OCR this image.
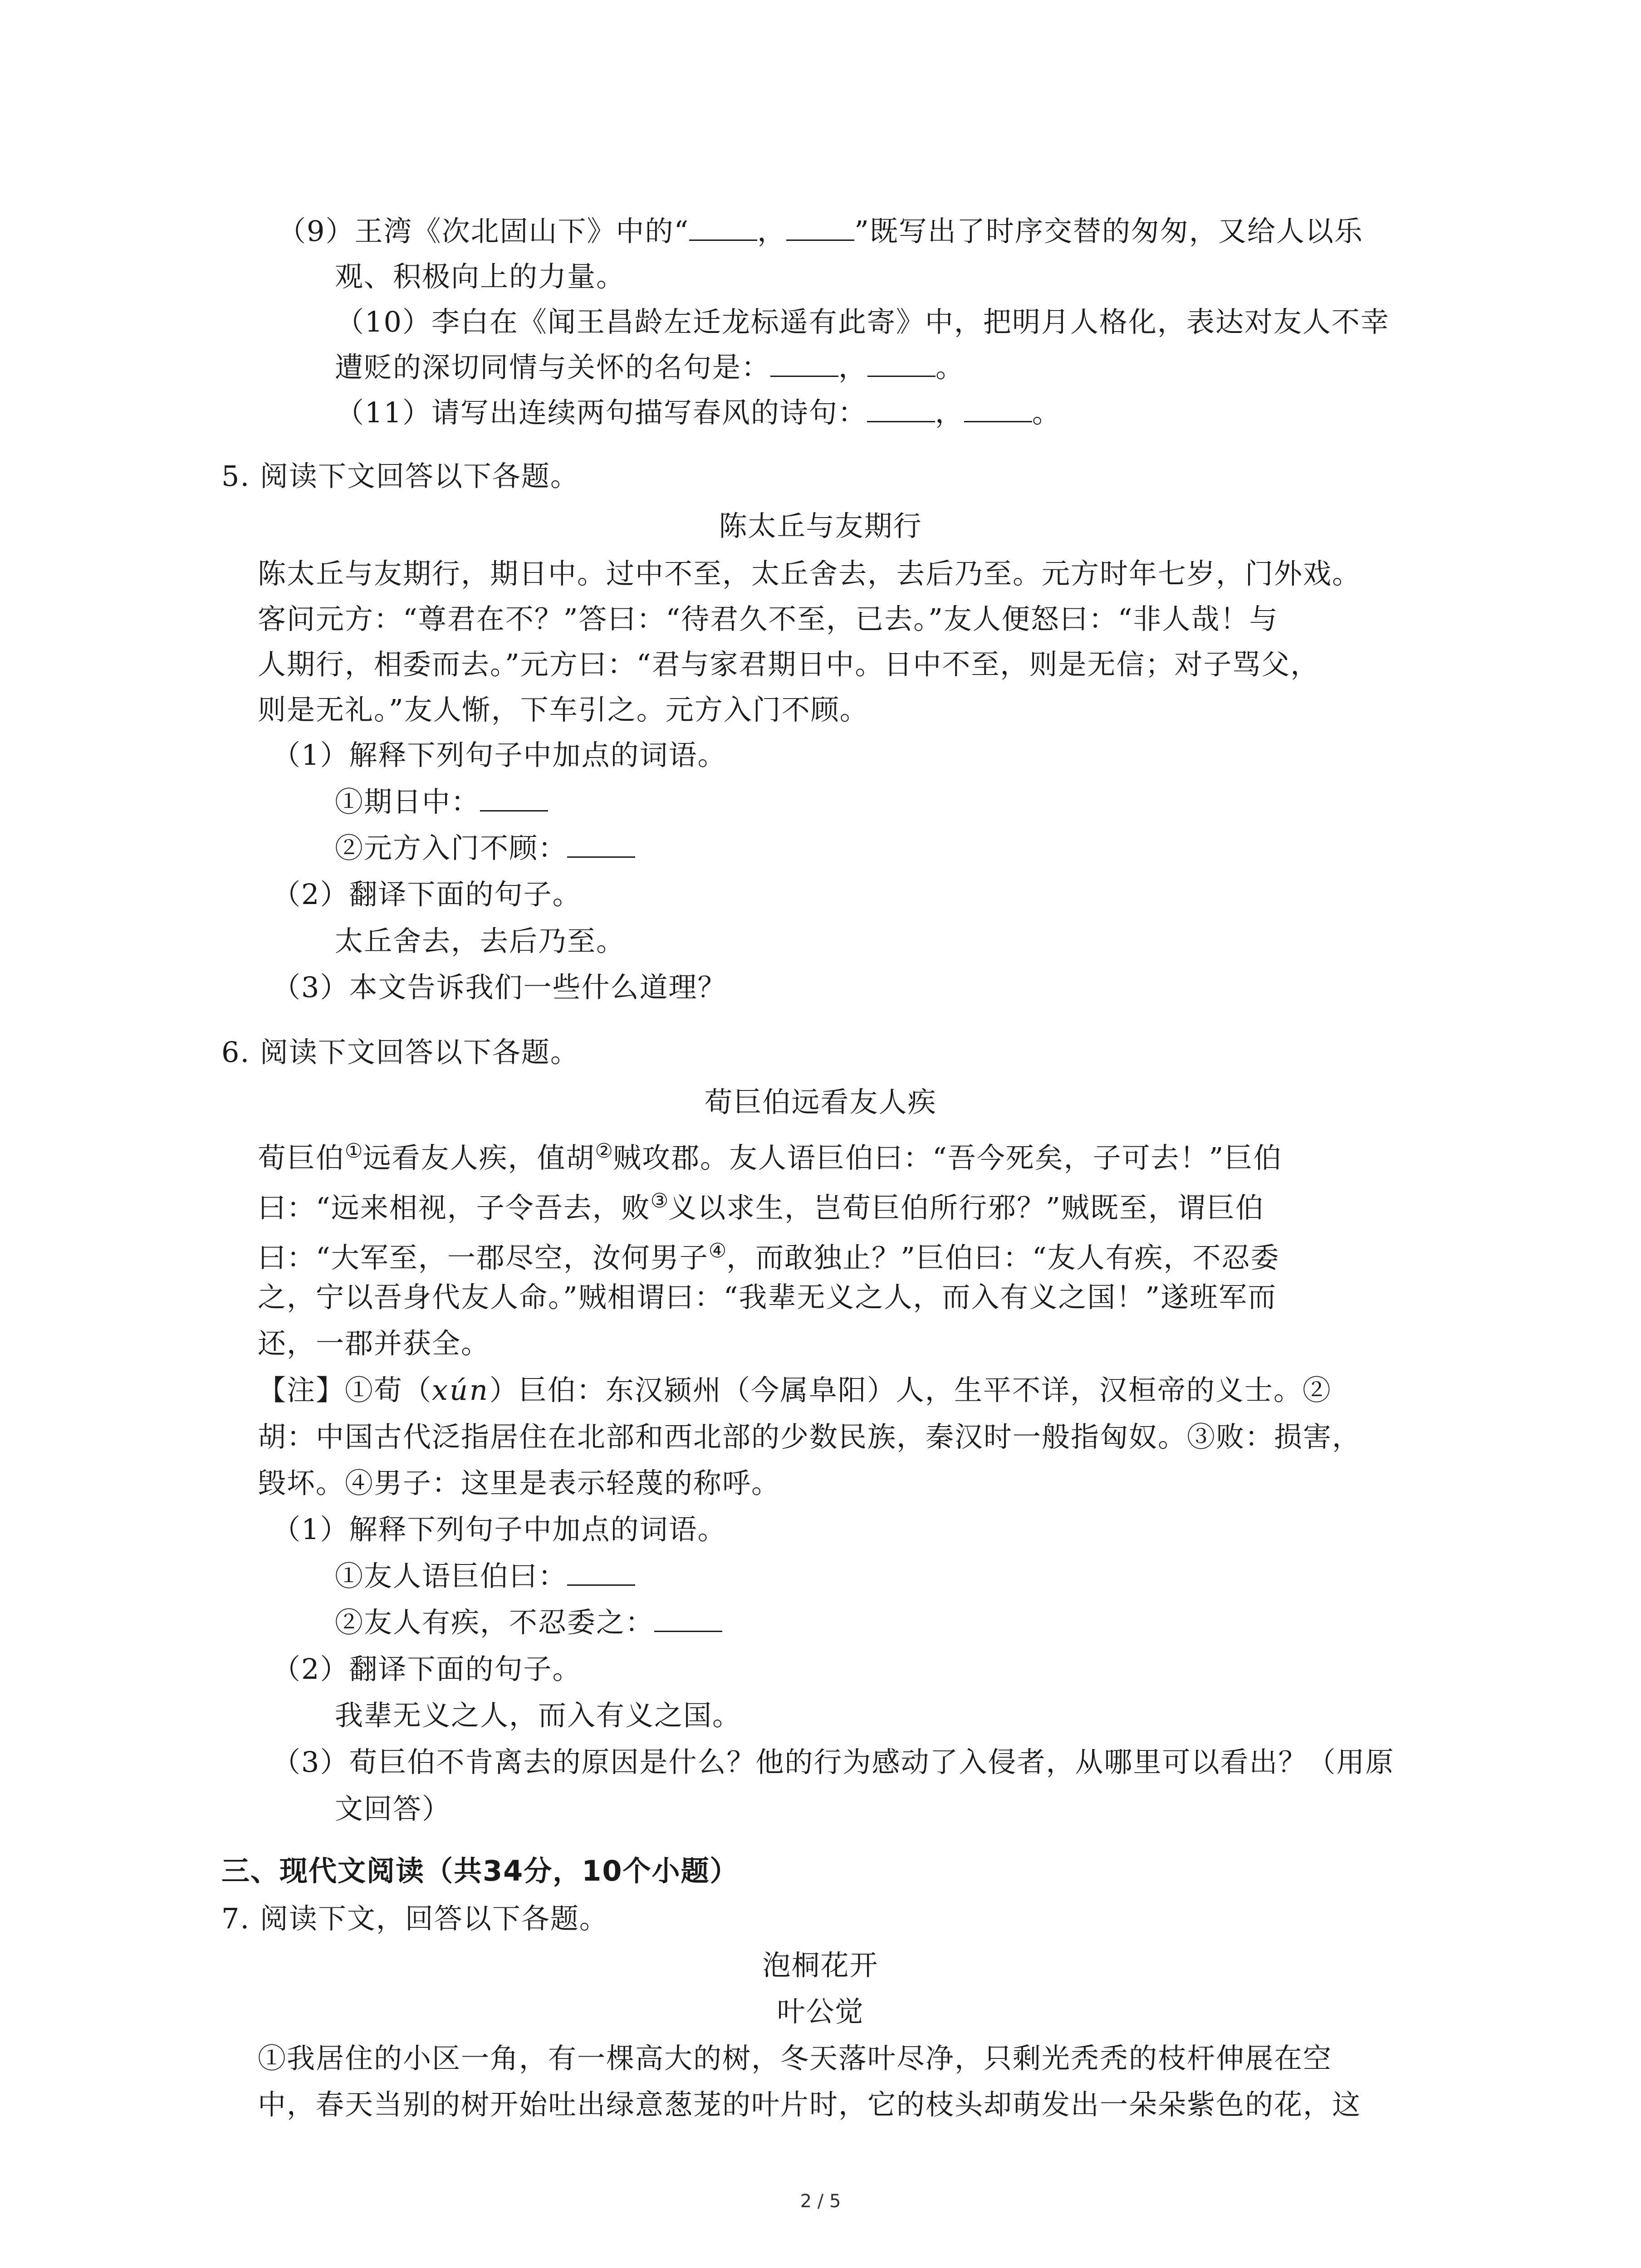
（9）王湾《次北固山下》中的“ ， ”既写出了时序交替的匆匆，又给人以乐
观、积极向上的力量。
（10）李白在《闻王昌龄左迁龙标遥有此寄》中，把明月人格化，表达对友人不幸
遭贬的深切同情与关怀的名句是： ， 。
（11）请写出连续两句描写春风的诗句： ， 。
5. 阅读下文回答以下各题。
陈太丘与友期行
陈太丘与友期行，期日中。过中不至，太丘舍去，去后乃至。元方时年七岁，门外戏。
客问元方：“尊君在不？”答曰：“待君久不至，已去。”友人便怒曰：“非人哉！与
人期行，相委而去。”元方曰：“君与家君期日中。日中不至，则是无信；对子骂父，
则是无礼。”友人惭，下车引之。元方入门不顾。
（1）解释下列句子中加点的词语。
①期日中：
②元方入门不顾：
（2）翻译下面的句子。
太丘舍去，去后乃至。
（3）本文告诉我们一些什么道理？
6. 阅读下文回答以下各题。
荀巨伯远看友人疾
荀巨伯①远看友人疾，值胡②贼攻郡。友人语巨伯曰：“吾今死矣，子可去！”巨伯
曰：“远来相视，子令吾去，败③义以求生，岂荀巨伯所行邪？”贼既至，谓巨伯
曰：“大军至，一郡尽空，汝何男子④，而敢独止？”巨伯曰：“友人有疾，不忍委
之，宁以吾身代友人命。”贼相谓曰：“我辈无义之人，而入有义之国！”遂班军而
还，一郡并获全。
【注】①荀（xún）巨伯：东汉颍州（今属阜阳）人，生平不详，汉桓帝的义士。②
胡：中国古代泛指居住在北部和西北部的少数民族，秦汉时一般指匈奴。③败：损害，
毁坏。④男子：这里是表示轻蔑的称呼。
（1）解释下列句子中加点的词语。
①友人语巨伯曰：
②友人有疾，不忍委之：
（2）翻译下面的句子。
我辈无义之人，而入有义之国。
（3）荀巨伯不肯离去的原因是什么？他的行为感动了入侵者，从哪里可以看出？（用原
文回答）
三、现代文阅读（共34分，10个小题）
7. 阅读下文，回答以下各题。
泡桐花开
叶公觉
①我居住的小区一角，有一棵高大的树，冬天落叶尽净，只剩光秃秃的枝杆伸展在空
中，春天当别的树开始吐出绿意葱茏的叶片时，它的枝头却萌发出一朵朵紫色的花，这
2 / 5
